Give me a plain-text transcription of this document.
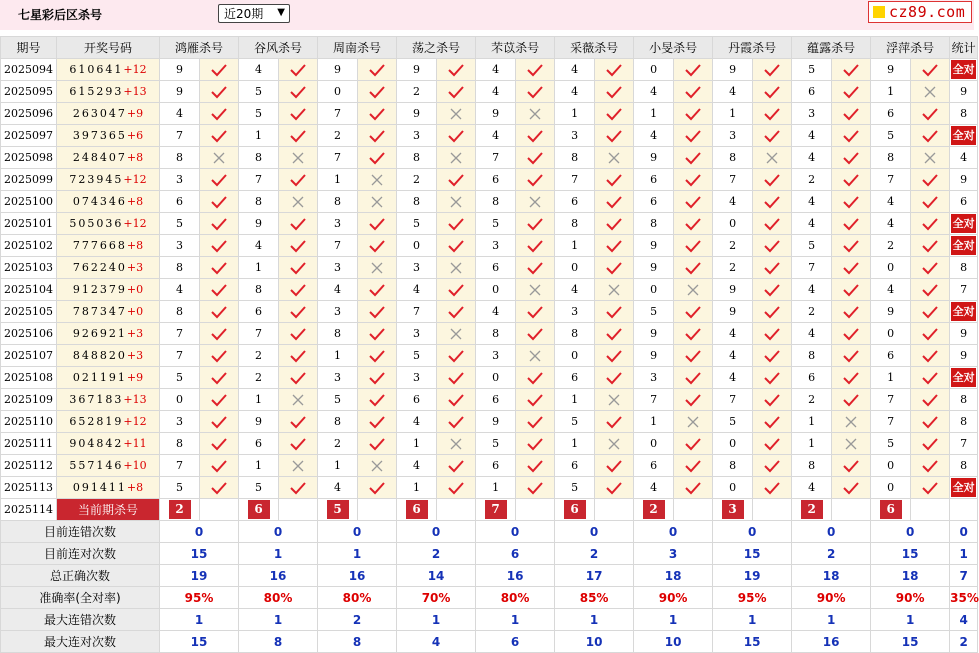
七星彩后区杀号	近20期 ▼	cz89.com
期号	开奖号码	鸿雁杀号		谷风杀号		周南杀号		荡之杀号		芣苡杀号		采薇杀号		小旻杀号		丹霞杀号		蕴露杀号		浮萍杀号		统计
2025094	610641+12	9		4		9		9		4		4		0		9		5		9		全对

2025095	615293+13	9		5		0		2		4		4		4		4		6		1		9
2025096	263047+9	4		5		7		9		9		1		1		1		3		6		8
2025097	397365+6	7		1		2		3		4		3		4		3		4		5		全对

2025098	248407+8	8		8		7		8		7		8		9		8		4		8		4
2025099	723945+12	3		7		1		2		6		7		6		7		2		7		9
2025100	074346+8	6		8		8		8		8		6		6		4		4		4		6
2025101	505036+12	5		9		3		5		5		8		8		0		4		4		全对

2025102	777668+8	3		4		7		0		3		1		9		2		5		2		全对

2025103	762240+3	8		1		3		3		6		0		9		2		7		0		8
2025104	912379+0	4		8		4		4		0		4		0		9		4		4		7
2025105	787347+0	8		6		3		7		4		3		5		9		2		9		全对

2025106	926921+3	7		7		8		3		8		8		9		4		4		0		9
2025107	848820+3	7		2		1		5		3		0		9		4		8		6		9
2025108	021191+9	5		2		3		3		0		6		3		4		6		1		全对

2025109	367183+13	0		1		5		6		6		1		7		7		2		7		8
2025110	652819+12	3		9		8		4		9		5		1		5		1		7		8
2025111	904842+11	8		6		2		1		5		1		0		0		1		5		7
2025112	557146+10	7		1		1		4		6		6		6		8		8		0		8
2025113	091411+8	5		5		4		1		1		5		4		0		4		0		全对

2025114	当前期杀号	2		6		5		6		7		6		2		3		2		6		
目前连错次数		0		0		0		0		0		0		0		0		0		0		0
目前连对次数		15		1		1		2		6		2		3		15		2		15		1
总正确次数		19		16		16		14		16		17		18		19		18		18		7
准确率(全对率)		95%		80%		80%		70%		80%		85%		90%		95%		90%		90%		35%
最大连错次数		1		1		2		1		1		1		1		1		1		1		4
最大连对次数		15		8		8		4		6		10		10		15		16		15		2
